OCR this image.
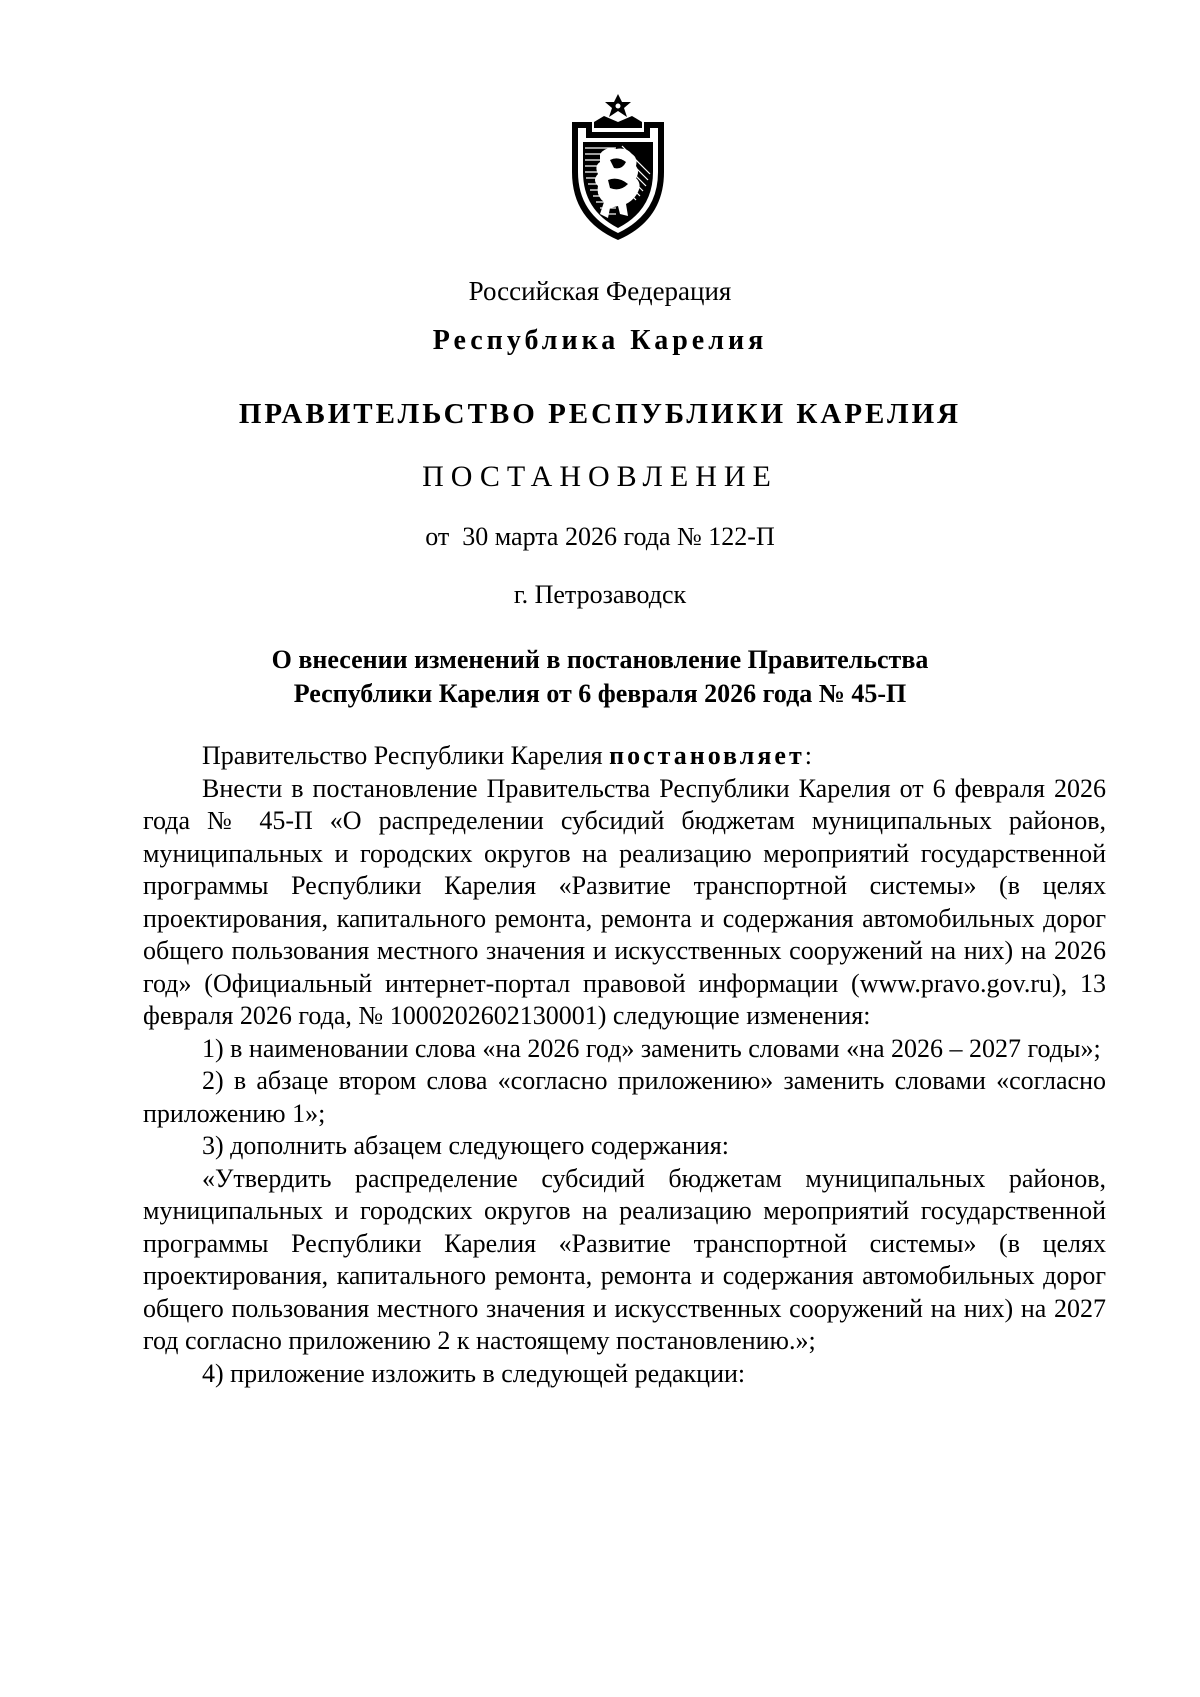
Российская Федерация
Республика Карелия
ПРАВИТЕЛЬСТВО РЕСПУБЛИКИ КАРЕЛИЯ
ПОСТАНОВЛЕНИЕ
от  30 марта 2026 года № 122-П
г. Петрозаводск
О внесении изменений в постановление Правительства
Республики Карелия от 6 февраля 2026 года № 45-П

Правительство Республики Карелия постановляет:

Внести в постановление Правительства Республики Карелия от 6 февраля 2026 года № 45-П «О распределении субсидий бюджетам муниципальных районов, муниципальных и городских округов на реализацию мероприятий государственной программы Республики Карелия «Развитие транспортной системы» (в целях проектирования, капитального ремонта, ремонта и содержания автомобильных дорог общего пользования местного значения и искусственных сооружений на них) на 2026 год» (Официальный интернет-портал правовой информации (www.pravo.gov.ru), 13 февраля 2026 года, № 1000202602130001) следующие изменения:

1) в наименовании слова «на 2026 год» заменить словами «на 2026 – 2027 годы»;

2) в абзаце втором слова «согласно приложению» заменить словами «согласно приложению 1»;

3) дополнить абзацем следующего содержания:

«Утвердить распределение субсидий бюджетам муниципальных районов, муниципальных и городских округов на реализацию мероприятий государственной программы Республики Карелия «Развитие транспортной системы» (в целях проектирования, капитального ремонта, ремонта и содержания автомобильных дорог общего пользования местного значения и искусственных сооружений на них) на 2027 год согласно приложению 2 к настоящему постановлению.»;

4) приложение изложить в следующей редакции:
